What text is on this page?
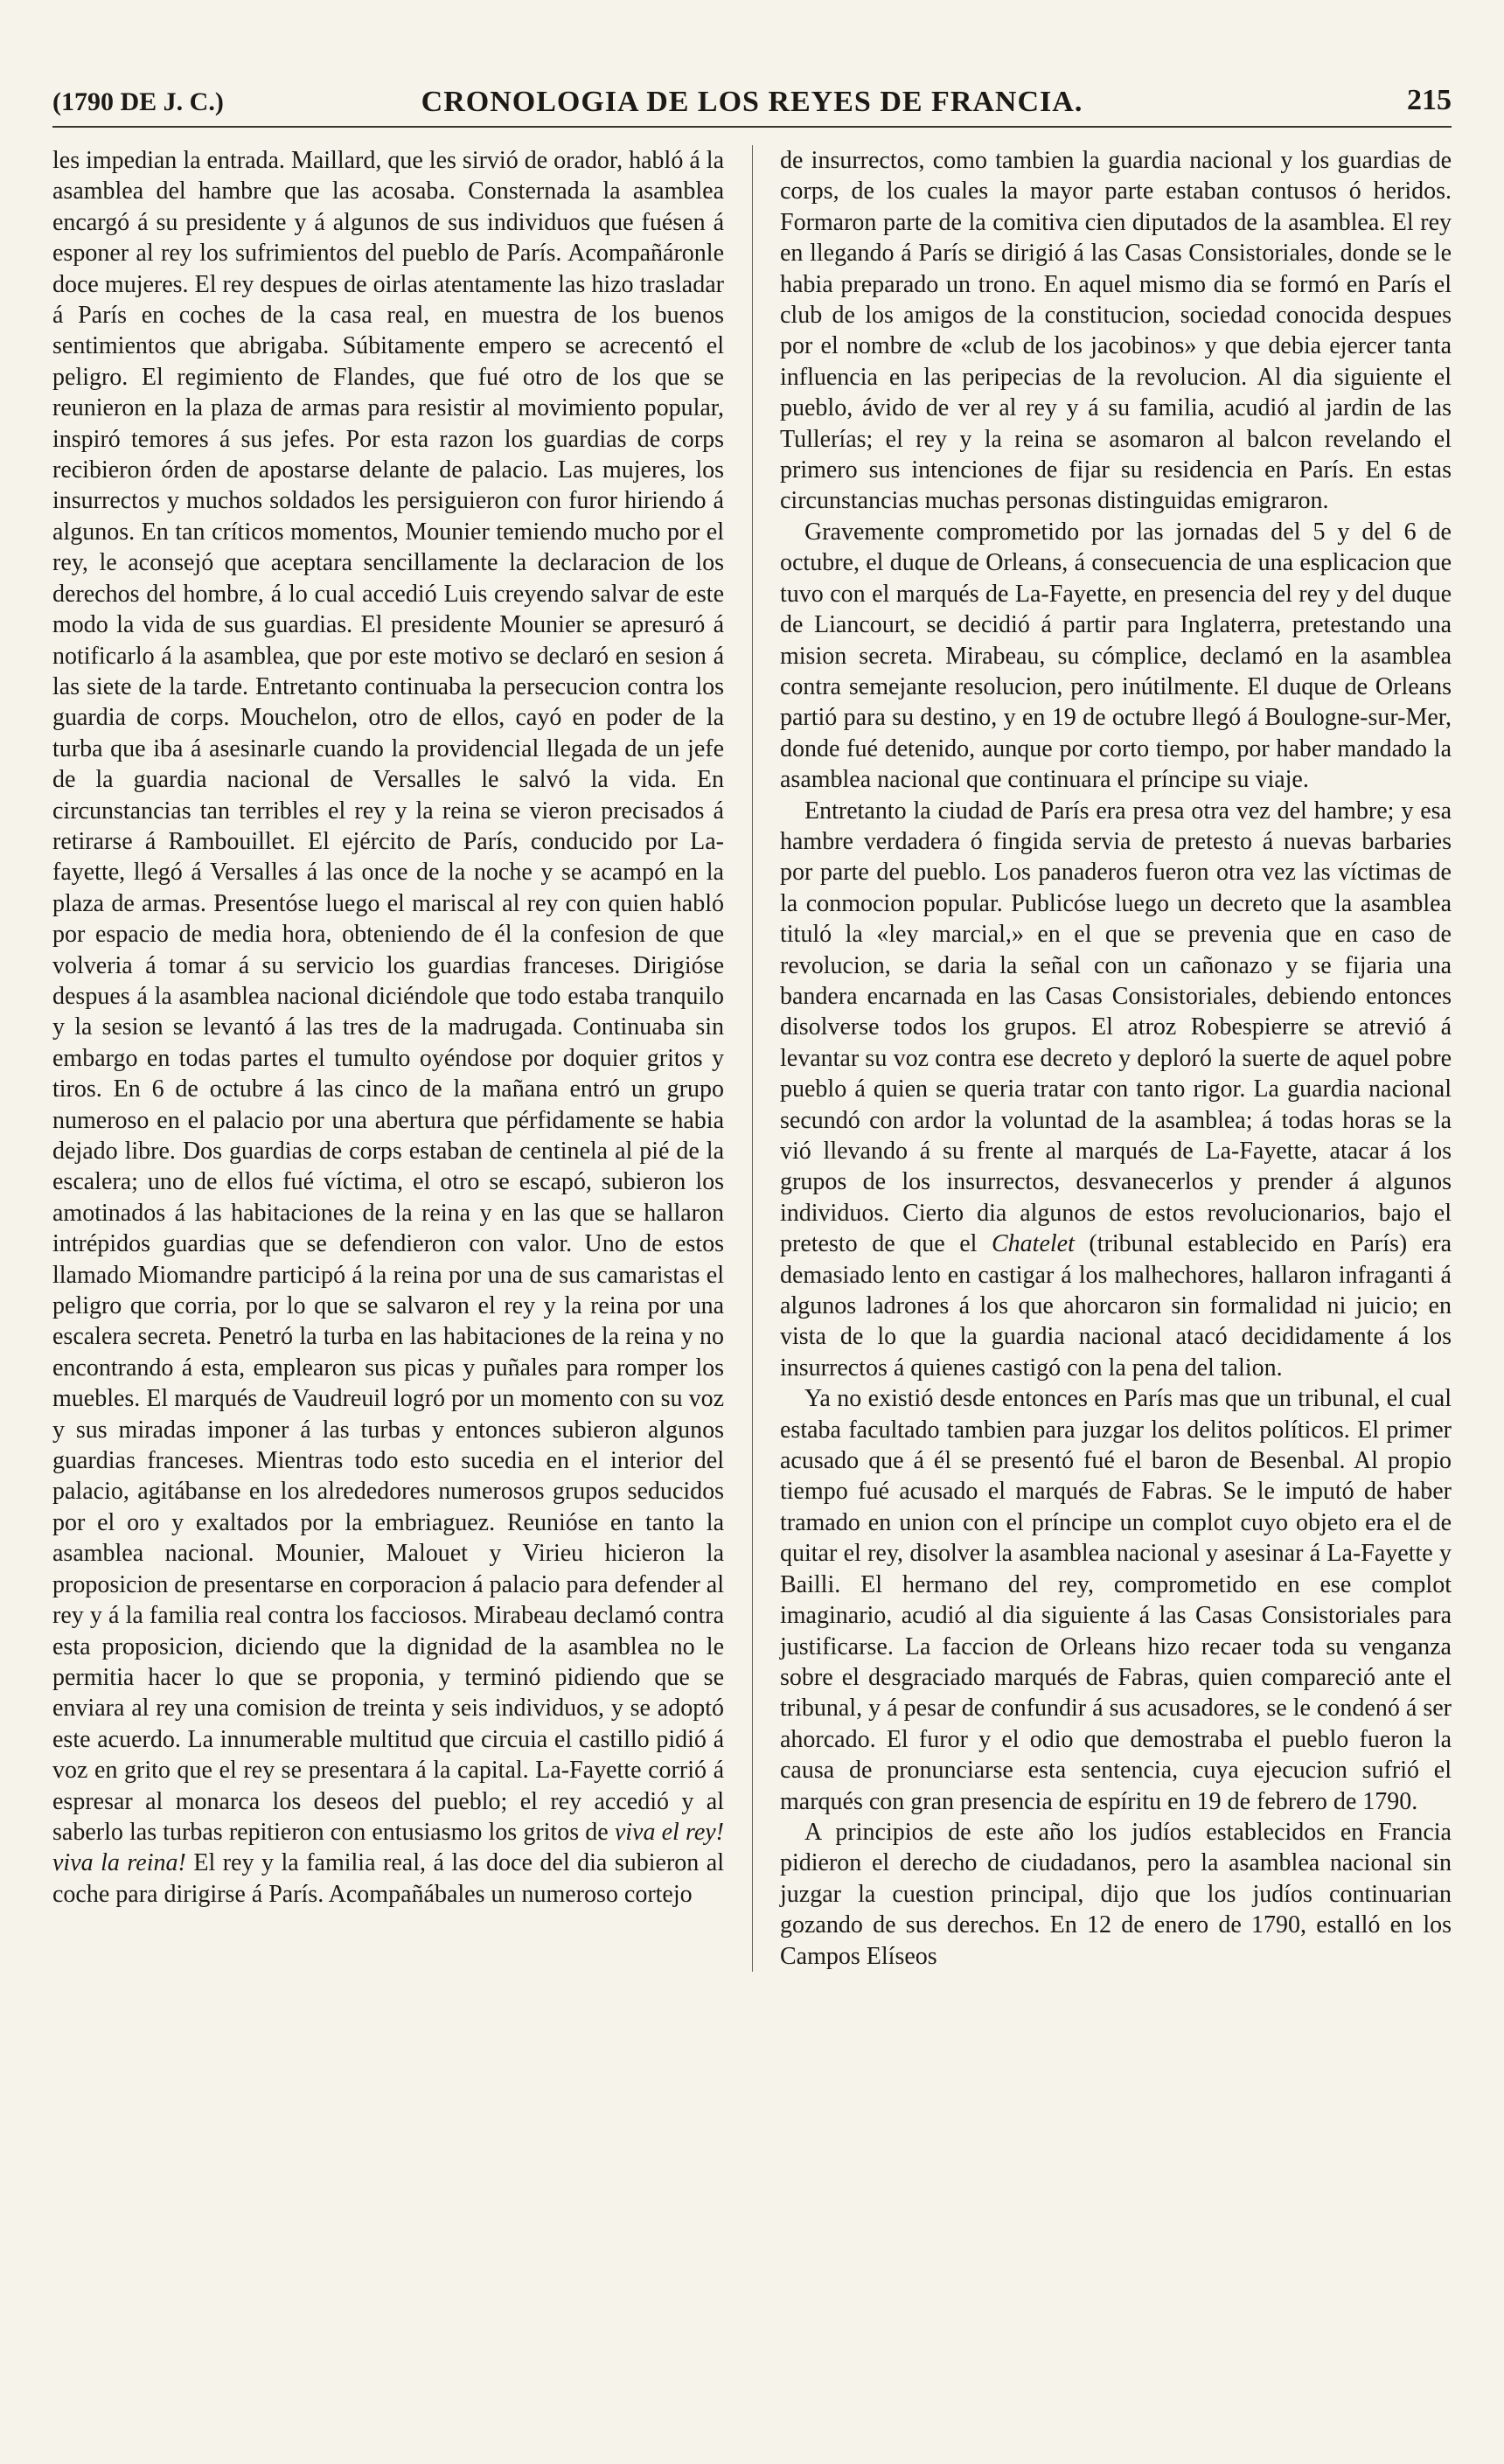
(1790 DE J. C.)	CRONOLOGIA DE LOS REYES DE FRANCIA.	215

les impedian la entrada. Maillard, que les sirvió de orador, habló á la asamblea del hambre que las acosaba. Consternada la asamblea encargó á su presidente y á algunos de sus individuos que fuésen á esponer al rey los sufrimientos del pueblo de París. Acompañáronle doce mujeres. El rey despues de oirlas atentamente las hizo trasladar á París en coches de la casa real, en muestra de los buenos sentimientos que abrigaba. Súbitamente empero se acrecentó el peligro. El regimiento de Flandes, que fué otro de los que se reunieron en la plaza de armas para resistir al movimiento popular, inspiró temores á sus jefes. Por esta razon los guardias de corps recibieron órden de apostarse delante de palacio. Las mujeres, los insurrectos y muchos soldados les persiguieron con furor hiriendo á algunos. En tan críticos momentos, Mounier temiendo mucho por el rey, le aconsejó que aceptara sencillamente la declaracion de los derechos del hombre, á lo cual accedió Luis creyendo salvar de este modo la vida de sus guardias. El presidente Mounier se apresuró á notificarlo á la asamblea, que por este motivo se declaró en sesion á las siete de la tarde. Entretanto continuaba la persecucion contra los guardia de corps. Mouchelon, otro de ellos, cayó en poder de la turba que iba á asesinarle cuando la providencial llegada de un jefe de la guardia nacional de Versalles le salvó la vida. En circunstancias tan terribles el rey y la reina se vieron precisados á retirarse á Rambouillet. El ejército de París, conducido por La-fayette, llegó á Versalles á las once de la noche y se acampó en la plaza de armas. Presentóse luego el mariscal al rey con quien habló por espacio de media hora, obteniendo de él la confesion de que volveria á tomar á su servicio los guardias franceses. Dirigióse despues á la asamblea nacional diciéndole que todo estaba tranquilo y la sesion se levantó á las tres de la madrugada. Continuaba sin embargo en todas partes el tumulto oyéndose por doquier gritos y tiros. En 6 de octubre á las cinco de la mañana entró un grupo numeroso en el palacio por una abertura que pérfidamente se habia dejado libre. Dos guardias de corps estaban de centinela al pié de la escalera; uno de ellos fué víctima, el otro se escapó, subieron los amotinados á las habitaciones de la reina y en las que se hallaron intrépidos guardias que se defendieron con valor. Uno de estos llamado Miomandre participó á la reina por una de sus camaristas el peligro que corria, por lo que se salvaron el rey y la reina por una escalera secreta. Penetró la turba en las habitaciones de la reina y no encontrando á esta, emplearon sus picas y puñales para romper los muebles. El marqués de Vaudreuil logró por un momento con su voz y sus miradas imponer á las turbas y entonces subieron algunos guardias franceses. Mientras todo esto sucedia en el interior del palacio, agitábanse en los alrededores numerosos grupos seducidos por el oro y exaltados por la embriaguez. Reunióse en tanto la asamblea nacional. Mounier, Malouet y Virieu hicieron la proposicion de presentarse en corporacion á palacio para defender al rey y á la familia real contra los facciosos. Mirabeau declamó contra esta proposicion, diciendo que la dignidad de la asamblea no le permitia hacer lo que se proponia, y terminó pidiendo que se enviara al rey una comision de treinta y seis individuos, y se adoptó este acuerdo. La innumerable multitud que circuia el castillo pidió á voz en grito que el rey se presentara á la capital. La-Fayette corrió á espresar al monarca los deseos del pueblo; el rey accedió y al saberlo las turbas repitieron con entusiasmo los gritos de viva el rey! viva la reina! El rey y la familia real, á las doce del dia subieron al coche para dirigirse á París. Acompañábales un numeroso cortejo

de insurrectos, como tambien la guardia nacional y los guardias de corps, de los cuales la mayor parte estaban contusos ó heridos. Formaron parte de la comitiva cien diputados de la asamblea. El rey en llegando á París se dirigió á las Casas Consistoriales, donde se le habia preparado un trono. En aquel mismo dia se formó en París el club de los amigos de la constitucion, sociedad conocida despues por el nombre de «club de los jacobinos» y que debia ejercer tanta influencia en las peripecias de la revolucion. Al dia siguiente el pueblo, ávido de ver al rey y á su familia, acudió al jardin de las Tullerías; el rey y la reina se asomaron al balcon revelando el primero sus intenciones de fijar su residencia en París. En estas circunstancias muchas personas distinguidas emigraron.

Gravemente comprometido por las jornadas del 5 y del 6 de octubre, el duque de Orleans, á consecuencia de una esplicacion que tuvo con el marqués de La-Fayette, en presencia del rey y del duque de Liancourt, se decidió á partir para Inglaterra, pretestando una mision secreta. Mirabeau, su cómplice, declamó en la asamblea contra semejante resolucion, pero inútilmente. El duque de Orleans partió para su destino, y en 19 de octubre llegó á Boulogne-sur-Mer, donde fué detenido, aunque por corto tiempo, por haber mandado la asamblea nacional que continuara el príncipe su viaje.

Entretanto la ciudad de París era presa otra vez del hambre; y esa hambre verdadera ó fingida servia de pretesto á nuevas barbaries por parte del pueblo. Los panaderos fueron otra vez las víctimas de la conmocion popular. Publicóse luego un decreto que la asamblea tituló la «ley marcial,» en el que se prevenia que en caso de revolucion, se daria la señal con un cañonazo y se fijaria una bandera encarnada en las Casas Consistoriales, debiendo entonces disolverse todos los grupos. El atroz Robespierre se atrevió á levantar su voz contra ese decreto y deploró la suerte de aquel pobre pueblo á quien se queria tratar con tanto rigor. La guardia nacional secundó con ardor la voluntad de la asamblea; á todas horas se la vió llevando á su frente al marqués de La-Fayette, atacar á los grupos de los insurrectos, desvanecerlos y prender á algunos individuos. Cierto dia algunos de estos revolucionarios, bajo el pretesto de que el Chatelet (tribunal establecido en París) era demasiado lento en castigar á los malhechores, hallaron infraganti á algunos ladrones á los que ahorcaron sin formalidad ni juicio; en vista de lo que la guardia nacional atacó decididamente á los insurrectos á quienes castigó con la pena del talion.

Ya no existió desde entonces en París mas que un tribunal, el cual estaba facultado tambien para juzgar los delitos políticos. El primer acusado que á él se presentó fué el baron de Besenbal. Al propio tiempo fué acusado el marqués de Fabras. Se le imputó de haber tramado en union con el príncipe un complot cuyo objeto era el de quitar el rey, disolver la asamblea nacional y asesinar á La-Fayette y Bailli. El hermano del rey, comprometido en ese complot imaginario, acudió al dia siguiente á las Casas Consistoriales para justificarse. La faccion de Orleans hizo recaer toda su venganza sobre el desgraciado marqués de Fabras, quien compareció ante el tribunal, y á pesar de confundir á sus acusadores, se le condenó á ser ahorcado. El furor y el odio que demostraba el pueblo fueron la causa de pronunciarse esta sentencia, cuya ejecucion sufrió el marqués con gran presencia de espíritu en 19 de febrero de 1790.

A principios de este año los judíos establecidos en Francia pidieron el derecho de ciudadanos, pero la asamblea nacional sin juzgar la cuestion principal, dijo que los judíos continuarian gozando de sus derechos. En 12 de enero de 1790, estalló en los Campos Elíseos
